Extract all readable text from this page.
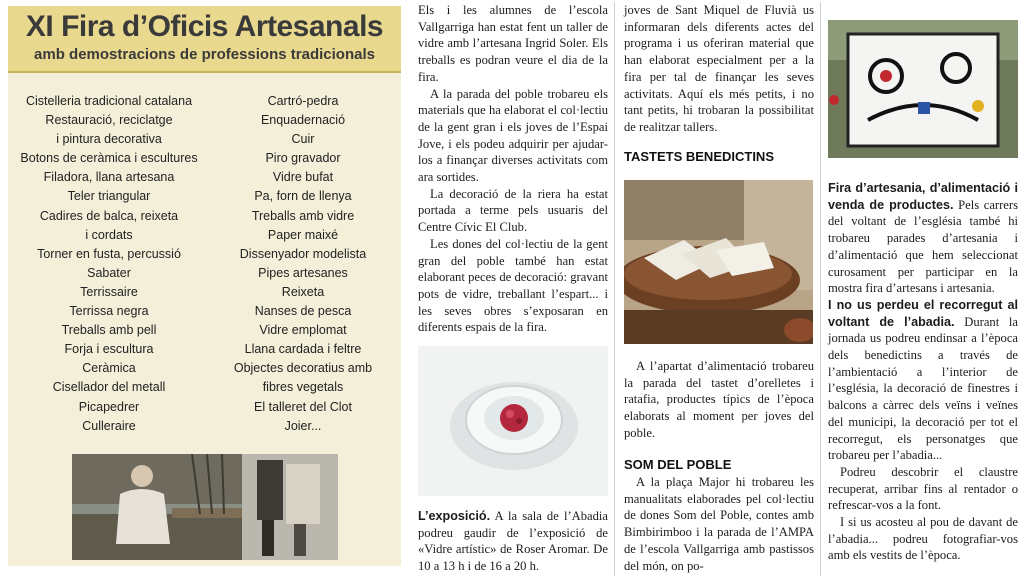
XI Fira d’Oficis Artesanals
amb demostracions de professions tradicionals
Cistelleria tradicional catalana
Restauració, reciclatge
i pintura decorativa
Botons de ceràmica i escultures
Filadora, llana artesana
Teler triangular
Cadires de balca, reixeta
i cordats
Torner en fusta, percussió
Sabater
Terrissaire
Terrissa negra
Treballs amb pell
Forja i escultura
Ceràmica
Cisellador del metall
Picapedrer
Culleraire
Cartró-pedra
Enquadernació
Cuir
Piro gravador
Vidre bufat
Pa, forn de llenya
Treballs amb vidre
Paper maixé
Dissenyador modelista
Pipes artesanes
Reixeta
Nanses de pesca
Vidre emplomat
Llana cardada i feltre
Objectes decoratius amb
fibres vegetals
El talleret del Clot
Joier...

Els i les alumnes de l’escola Vallgarriga han estat fent un taller de vidre amb l’artesana Ingrid Soler. Els treballs es podran veure el dia de la fira.

A la parada del poble trobareu els materials que ha elaborat el col·lectiu de la gent gran i els joves de l’Espai Jove, i els podeu adquirir per ajudar-los a finançar diverses activitats com ara sortides.

La decoració de la riera ha estat portada a terme pels usuaris del Centre Cívic El Club.

Les dones del col·lectiu de la gent gran del poble també han estat elaborant peces de decoració: gravant pots de vidre, treballant l’espart... i les seves obres s’exposaran en diferents espais de la fira.

L’exposició. A la sala de l’Abadia podreu gaudir de l’exposició de «Vidre artístic» de Roser Aromar. De 10 a 13 h i de 16 a 20 h.

joves de Sant Miquel de Fluvià us informaran dels diferents actes del programa i us oferiran material que han elaborat especialment per a la fira per tal de finançar les seves activitats. Aquí els més petits, i no tant petits, hi trobaran la possibilitat de realitzar tallers.

TASTETS BENEDICTINS

A l’apartat d’alimentació trobareu la parada del tastet d’orelletes i ratafia, productes típics de l’època elaborats al moment per joves del poble.

SOM DEL POBLE

A la plaça Major hi trobareu les manualitats elaborades pel col·lectiu de dones Som del Poble, contes amb Bimbirimboo i la parada de l’AMPA de l’escola Vallgarriga amb pastissos del món, on po-

Fira d’artesania, d’alimentació i venda de productes. Pels carrers del voltant de l’església també hi trobareu parades d’artesania i d’alimentació que hem seleccionat curosament per participar en la mostra fira d’artesans i artesania.

I no us perdeu el recorregut al voltant de l’abadia. Durant la jornada us podreu endinsar a l’època dels benedictins a través de l’ambientació a l’interior de l’església, la decoració de finestres i balcons a càrrec dels veïns i veïnes del municipi, la decoració per tot el recorregut, els personatges que trobareu per l’abadia...

Podreu descobrir el claustre recuperat, arribar fins al rentador o refrescar-vos a la font.

I si us acosteu al pou de davant de l’abadia... podreu fotografiar-vos amb els vestits de l’època.
